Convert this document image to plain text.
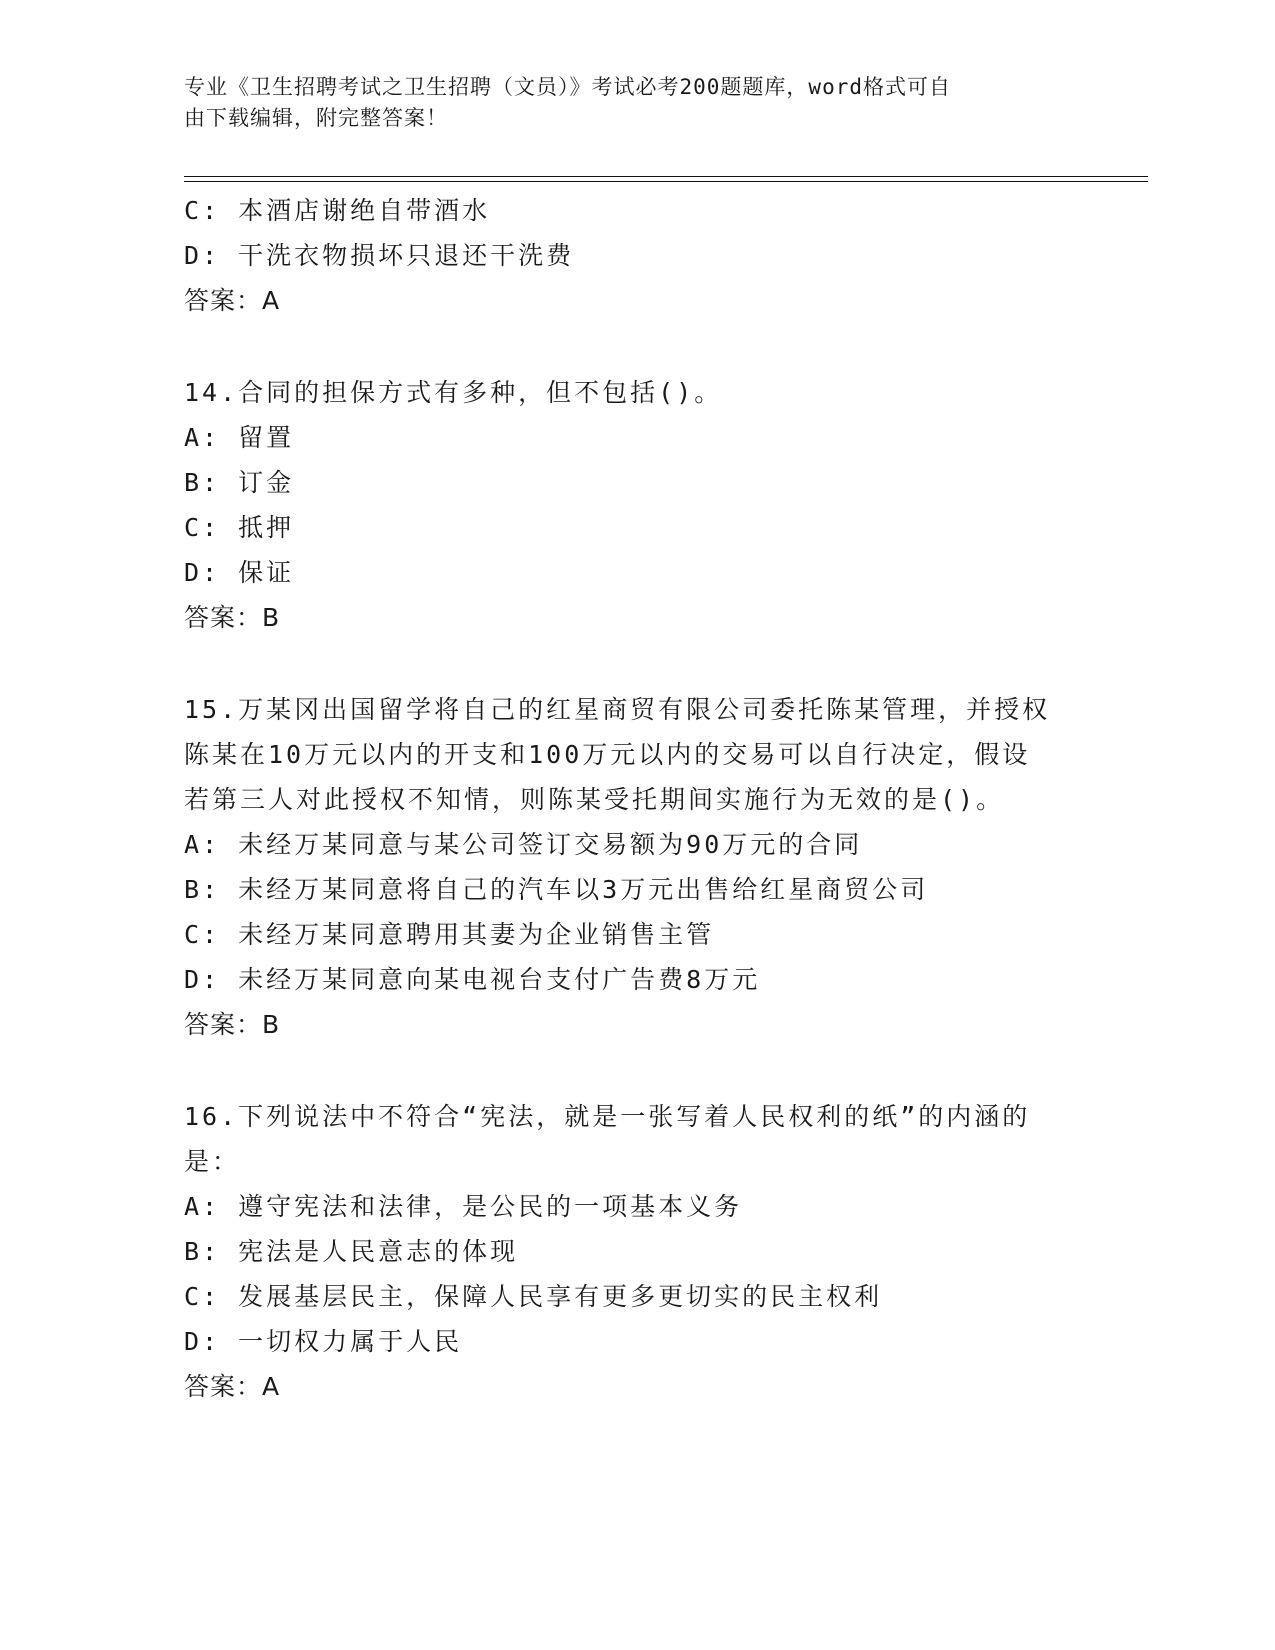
专业《卫生招聘考试之卫生招聘（文员）》考试必考200题题库，word格式可自
由下载编辑，附完整答案！
C: 本酒店谢绝自带酒水
D: 干洗衣物损坏只退还干洗费
答案：A
14.合同的担保方式有多种，但不包括()。
A: 留置
B: 订金
C: 抵押
D: 保证
答案：B
15.万某冈出国留学将自己的红星商贸有限公司委托陈某管理，并授权
陈某在10万元以内的开支和100万元以内的交易可以自行决定，假设
若第三人对此授权不知情，则陈某受托期间实施行为无效的是()。
A: 未经万某同意与某公司签订交易额为90万元的合同
B: 未经万某同意将自己的汽车以3万元出售给红星商贸公司
C: 未经万某同意聘用其妻为企业销售主管
D: 未经万某同意向某电视台支付广告费8万元
答案：B
16.下列说法中不符合“宪法，就是一张写着人民权利的纸”的内涵的
是：
A: 遵守宪法和法律，是公民的一项基本义务
B: 宪法是人民意志的体现
C: 发展基层民主，保障人民享有更多更切实的民主权利
D: 一切权力属于人民
答案：A
